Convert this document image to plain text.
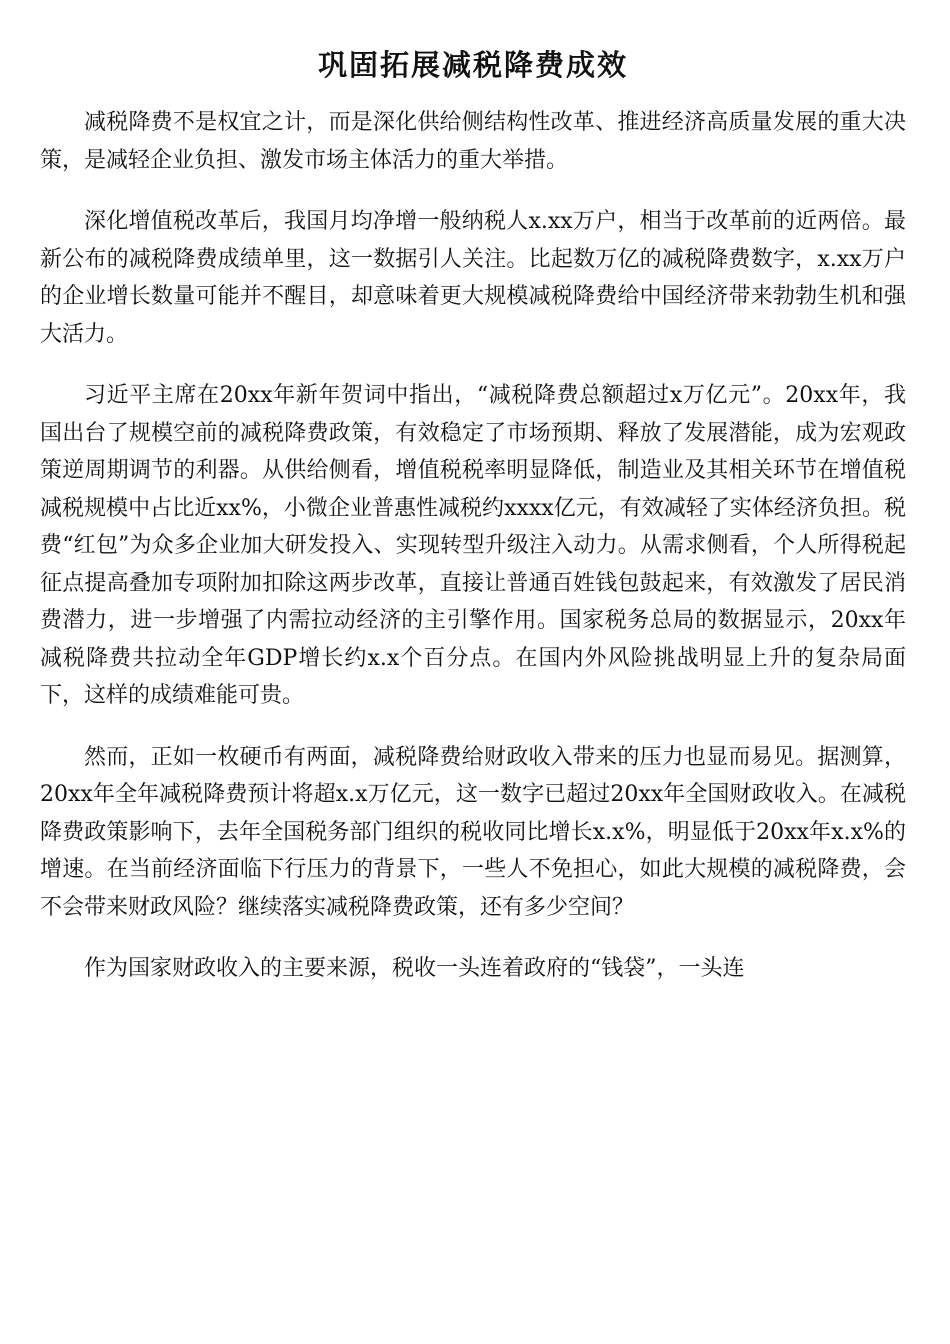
巩固拓展减税降费成效

减税降费不是权宜之计，而是深化供给侧结构性改革、推进经济高质量发展的重大决策，是减轻企业负担、激发市场主体活力的重大举措。

深化增值税改革后，我国月均净增一般纳税人x.xx万户，相当于改革前的近两倍。最新公布的减税降费成绩单里，这一数据引人关注。比起数万亿的减税降费数字，x.xx万户的企业增长数量可能并不醒目，却意味着更大规模减税降费给中国经济带来勃勃生机和强大活力。

习近平主席在20xx年新年贺词中指出，“减税降费总额超过x万亿元”。20xx年，我国出台了规模空前的减税降费政策，有效稳定了市场预期、释放了发展潜能，成为宏观政策逆周期调节的利器。从供给侧看，增值税税率明显降低，制造业及其相关环节在增值税减税规模中占比近xx%，小微企业普惠性减税约xxxx亿元，有效减轻了实体经济负担。税费“红包”为众多企业加大研发投入、实现转型升级注入动力。从需求侧看，个人所得税起征点提高叠加专项附加扣除这两步改革，直接让普通百姓钱包鼓起来，有效激发了居民消费潜力，进一步增强了内需拉动经济的主引擎作用。国家税务总局的数据显示，20xx年减税降费共拉动全年GDP增长约x.x个百分点。在国内外风险挑战明显上升的复杂局面下，这样的成绩难能可贵。

然而，正如一枚硬币有两面，减税降费给财政收入带来的压力也显而易见。据测算，20xx年全年减税降费预计将超x.x万亿元，这一数字已超过20xx年全国财政收入。在减税降费政策影响下，去年全国税务部门组织的税收同比增长x.x%，明显低于20xx年x.x%的增速。在当前经济面临下行压力的背景下，一些人不免担心，如此大规模的减税降费，会不会带来财政风险？继续落实减税降费政策，还有多少空间？

作为国家财政收入的主要来源，税收一头连着政府的“钱袋”，一头连
